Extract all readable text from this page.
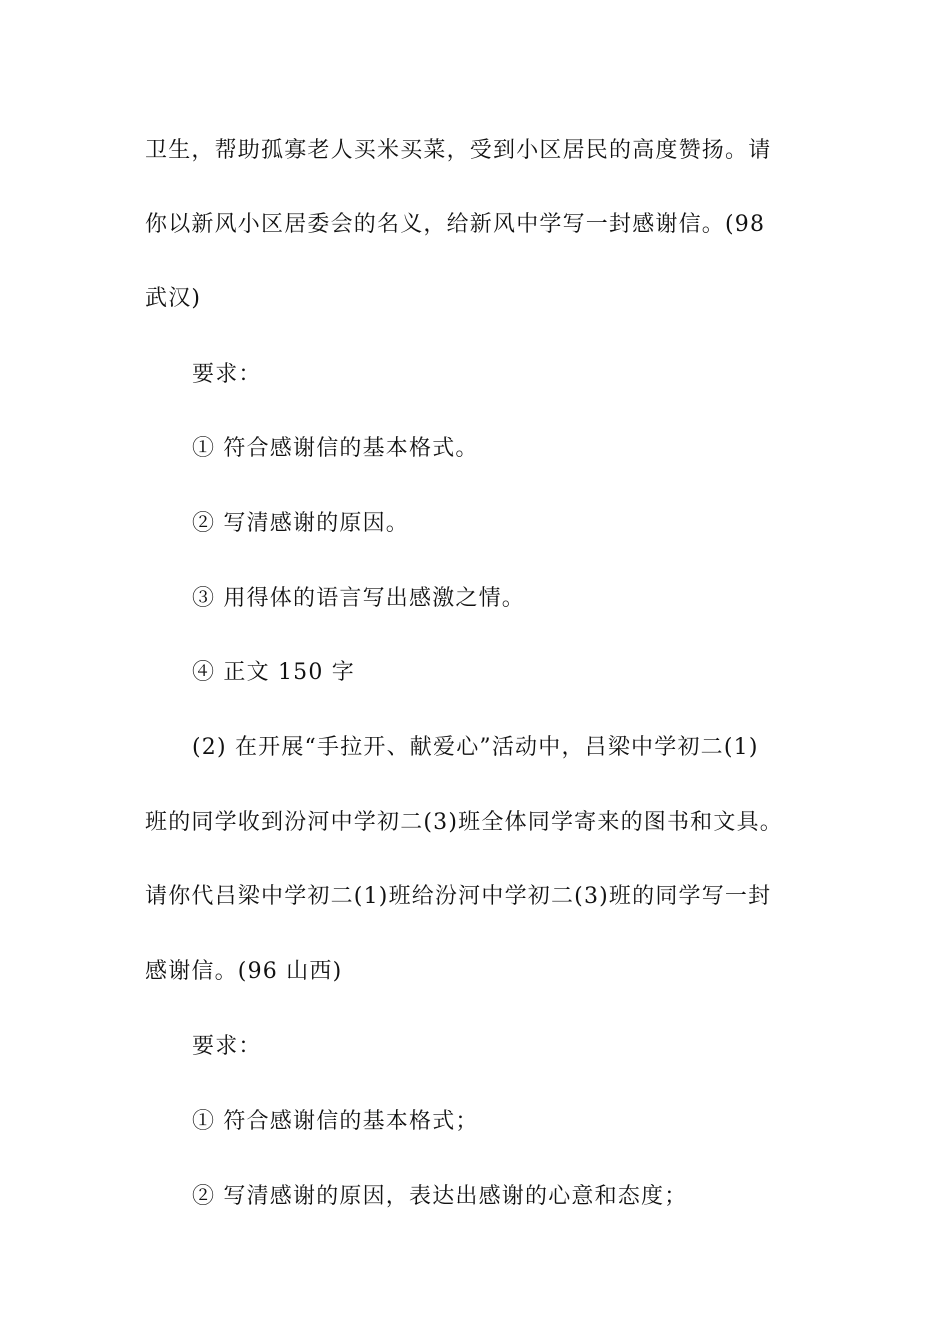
卫生，帮助孤寡老人买米买菜，受到小区居民的高度赞扬。请
你以新风小区居委会的名义，给新风中学写一封感谢信。(98
武汉)
要求：
① 符合感谢信的基本格式。
② 写清感谢的原因。
③ 用得体的语言写出感激之情。
④ 正文 150 字
(2) 在开展“手拉开、献爱心”活动中，吕梁中学初二(1)
班的同学收到汾河中学初二(3)班全体同学寄来的图书和文具。
请你代吕梁中学初二(1)班给汾河中学初二(3)班的同学写一封
感谢信。(96 山西)
要求：
① 符合感谢信的基本格式；
② 写清感谢的原因，表达出感谢的心意和态度；
